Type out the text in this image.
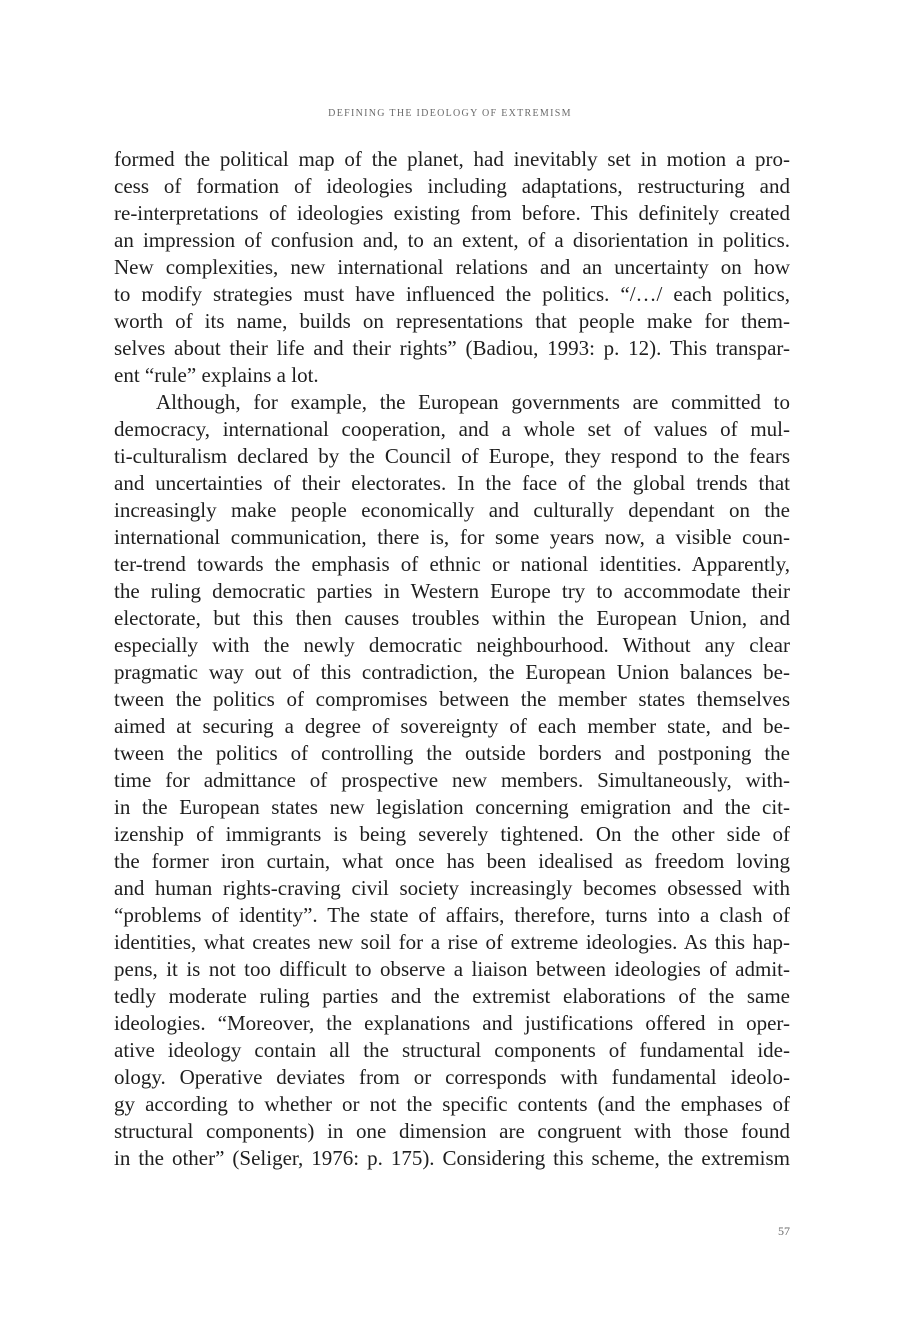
DEFINING THE IDEOLOGY OF EXTREMISM
formed the political map of the planet, had inevitably set in motion a pro-
cess of formation of ideologies including adaptations, restructuring and
re-interpretations of ideologies existing from before. This definitely created
an impression of confusion and, to an extent, of a disorientation in politics.
New complexities, new international relations and an uncertainty on how
to modify strategies must have influenced the politics. “/…/ each politics,
worth of its name, builds on representations that people make for them-
selves about their life and their rights” (Badiou, 1993: p. 12). This transpar-
ent “rule” explains a lot.
Although, for example, the European governments are committed to
democracy, international cooperation, and a whole set of values of mul-
ti-culturalism declared by the Council of Europe, they respond to the fears
and uncertainties of their electorates. In the face of the global trends that
increasingly make people economically and culturally dependant on the
international communication, there is, for some years now, a visible coun-
ter-trend towards the emphasis of ethnic or national identities. Apparently,
the ruling democratic parties in Western Europe try to accommodate their
electorate, but this then causes troubles within the European Union, and
especially with the newly democratic neighbourhood. Without any clear
pragmatic way out of this contradiction, the European Union balances be-
tween the politics of compromises between the member states themselves
aimed at securing a degree of sovereignty of each member state, and be-
tween the politics of controlling the outside borders and postponing the
time for admittance of prospective new members. Simultaneously, with-
in the European states new legislation concerning emigration and the cit-
izenship of immigrants is being severely tightened. On the other side of
the former iron curtain, what once has been idealised as freedom loving
and human rights-craving civil society increasingly becomes obsessed with
“problems of identity”. The state of affairs, therefore, turns into a clash of
identities, what creates new soil for a rise of extreme ideologies. As this hap-
pens, it is not too difficult to observe a liaison between ideologies of admit-
tedly moderate ruling parties and the extremist elaborations of the same
ideologies. “Moreover, the explanations and justifications offered in oper-
ative ideology contain all the structural components of fundamental ide-
ology. Operative deviates from or corresponds with fundamental ideolo-
gy according to whether or not the specific contents (and the emphases of
structural components) in one dimension are congruent with those found
in the other” (Seliger, 1976: p. 175). Considering this scheme, the extremism
57
